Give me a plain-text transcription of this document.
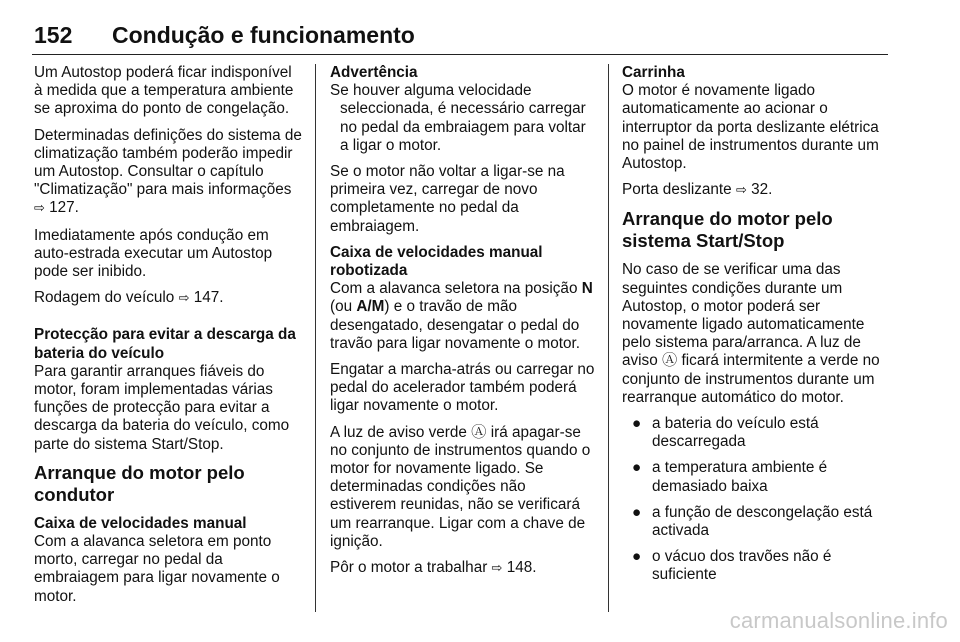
152 Condução e funcionamento

Um Autostop poderá ficar indisponível à medida que a temperatura ambiente se aproxima do ponto de congelação.

Determinadas definições do sistema de climatização também poderão impedir um Autostop. Consultar o capítulo "Climatização" para mais informações ⇨ 127.

Imediatamente após condução em auto-estrada executar um Autostop pode ser inibido.

Rodagem do veículo ⇨ 147.

Protecção para evitar a descarga da bateria do veículo

Para garantir arranques fiáveis do motor, foram implementadas várias funções de protecção para evitar a descarga da bateria do veículo, como parte do sistema Start/Stop.

Arranque do motor pelo condutor
Caixa de velocidades manual

Com a alavanca seletora em ponto morto, carregar no pedal da embraiagem para ligar novamente o motor.

Advertência
Se houver alguma velocidade seleccionada, é necessário carregar no pedal da embraiagem para voltar a ligar o motor.

Se o motor não voltar a ligar-se na primeira vez, carregar de novo completamente no pedal da embraiagem.

Caixa de velocidades manual robotizada

Com a alavanca seletora na posição N (ou A/M) e o travão de mão desengatado, desengatar o pedal do travão para ligar novamente o motor.

Engatar a marcha-atrás ou carregar no pedal do acelerador também poderá ligar novamente o motor.

A luz de aviso verde Ⓐ irá apagar-se no conjunto de instrumentos quando o motor for novamente ligado. Se determinadas condições não estiverem reunidas, não se verificará um rearranque. Ligar com a chave de ignição.

Pôr o motor a trabalhar ⇨ 148.

Carrinha

O motor é novamente ligado automaticamente ao acionar o interruptor da porta deslizante elétrica no painel de instrumentos durante um Autostop.

Porta deslizante ⇨ 32.

Arranque do motor pelo sistema Start/Stop

No caso de se verificar uma das seguintes condições durante um Autostop, o motor poderá ser novamente ligado automaticamente pelo sistema para/arranca. A luz de aviso Ⓐ ficará intermitente a verde no conjunto de instrumentos durante um rearranque automático do motor.

● a bateria do veículo está descarregada
● a temperatura ambiente é demasiado baixa
● a função de descongelação está activada
● o vácuo dos travões não é suficiente
carmanualsonline.info
